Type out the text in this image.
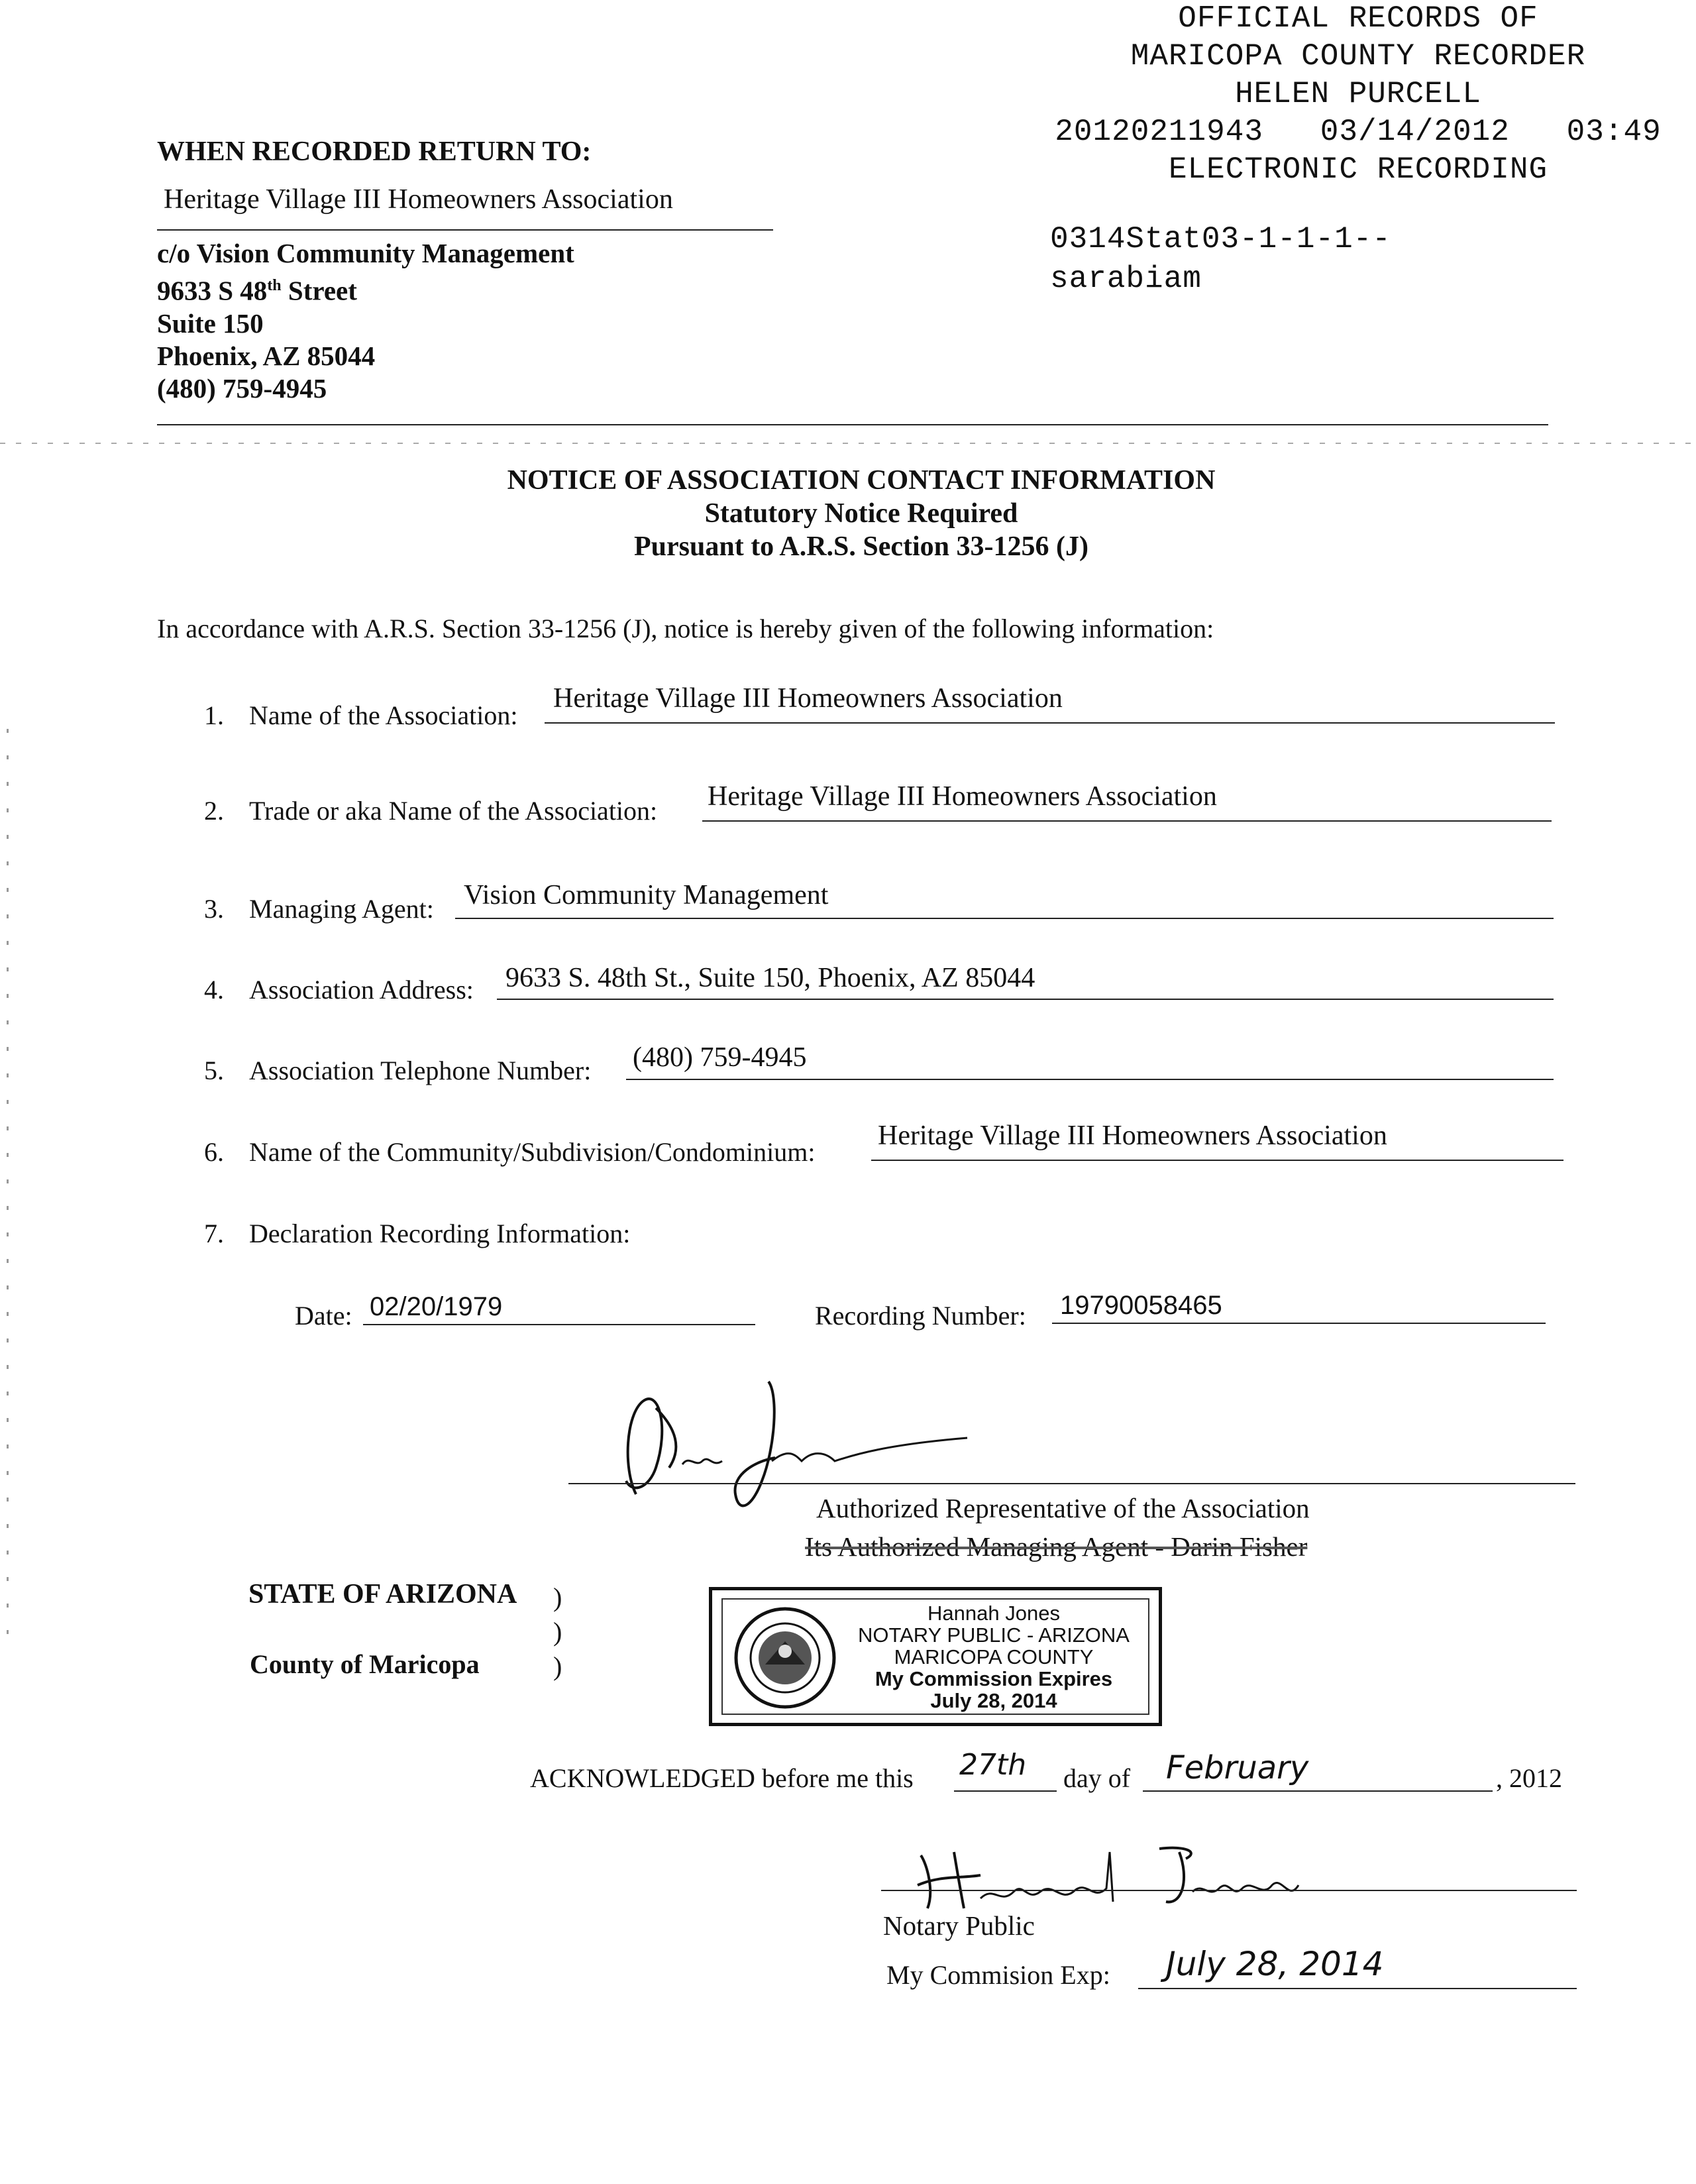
OFFICIAL RECORDS OF
MARICOPA COUNTY RECORDER
HELEN PURCELL
20120211943 03/14/2012 03:49
ELECTRONIC RECORDING
0314Stat03-1-1-1--
sarabiam
WHEN RECORDED RETURN TO:
Heritage Village III Homeowners Association
c/o Vision Community Management
9633 S 48th Street
Suite 150
Phoenix, AZ 85044
(480) 759-4945
NOTICE OF ASSOCIATION CONTACT INFORMATION
Statutory Notice Required
Pursuant to A.R.S. Section 33-1256 (J)
In accordance with A.R.S. Section 33-1256 (J), notice is hereby given of the following information:
1. Name of the Association:
Heritage Village III Homeowners Association
2. Trade or aka Name of the Association: Heritage Village III Homeowners Association
3. Managing Agent: Vision Community Management
4. Association Address: 9633 S. 48th St., Suite 150, Phoenix, AZ 85044
5. Association Telephone Number: (480) 759-4945
6. Name of the Community/Subdivision/Condominium:
Heritage Village III Homeowners Association
7. Declaration Recording Information:
Date: 02/20/1979	Recording Number: 19790058465
Authorized Representative of the Association
Its Authorized Managing Agent - Darin Fisher
STATE OF ARIZONA
County of Maricopa
)
)
)
Hannah Jones
NOTARY PUBLIC - ARIZONA
MARICOPA COUNTY
My Commission Expires
July 28, 2014
ACKNOWLEDGED before me this 27th day of February	, 2012
Notary Public
My Commision Exp: July 28, 2014
